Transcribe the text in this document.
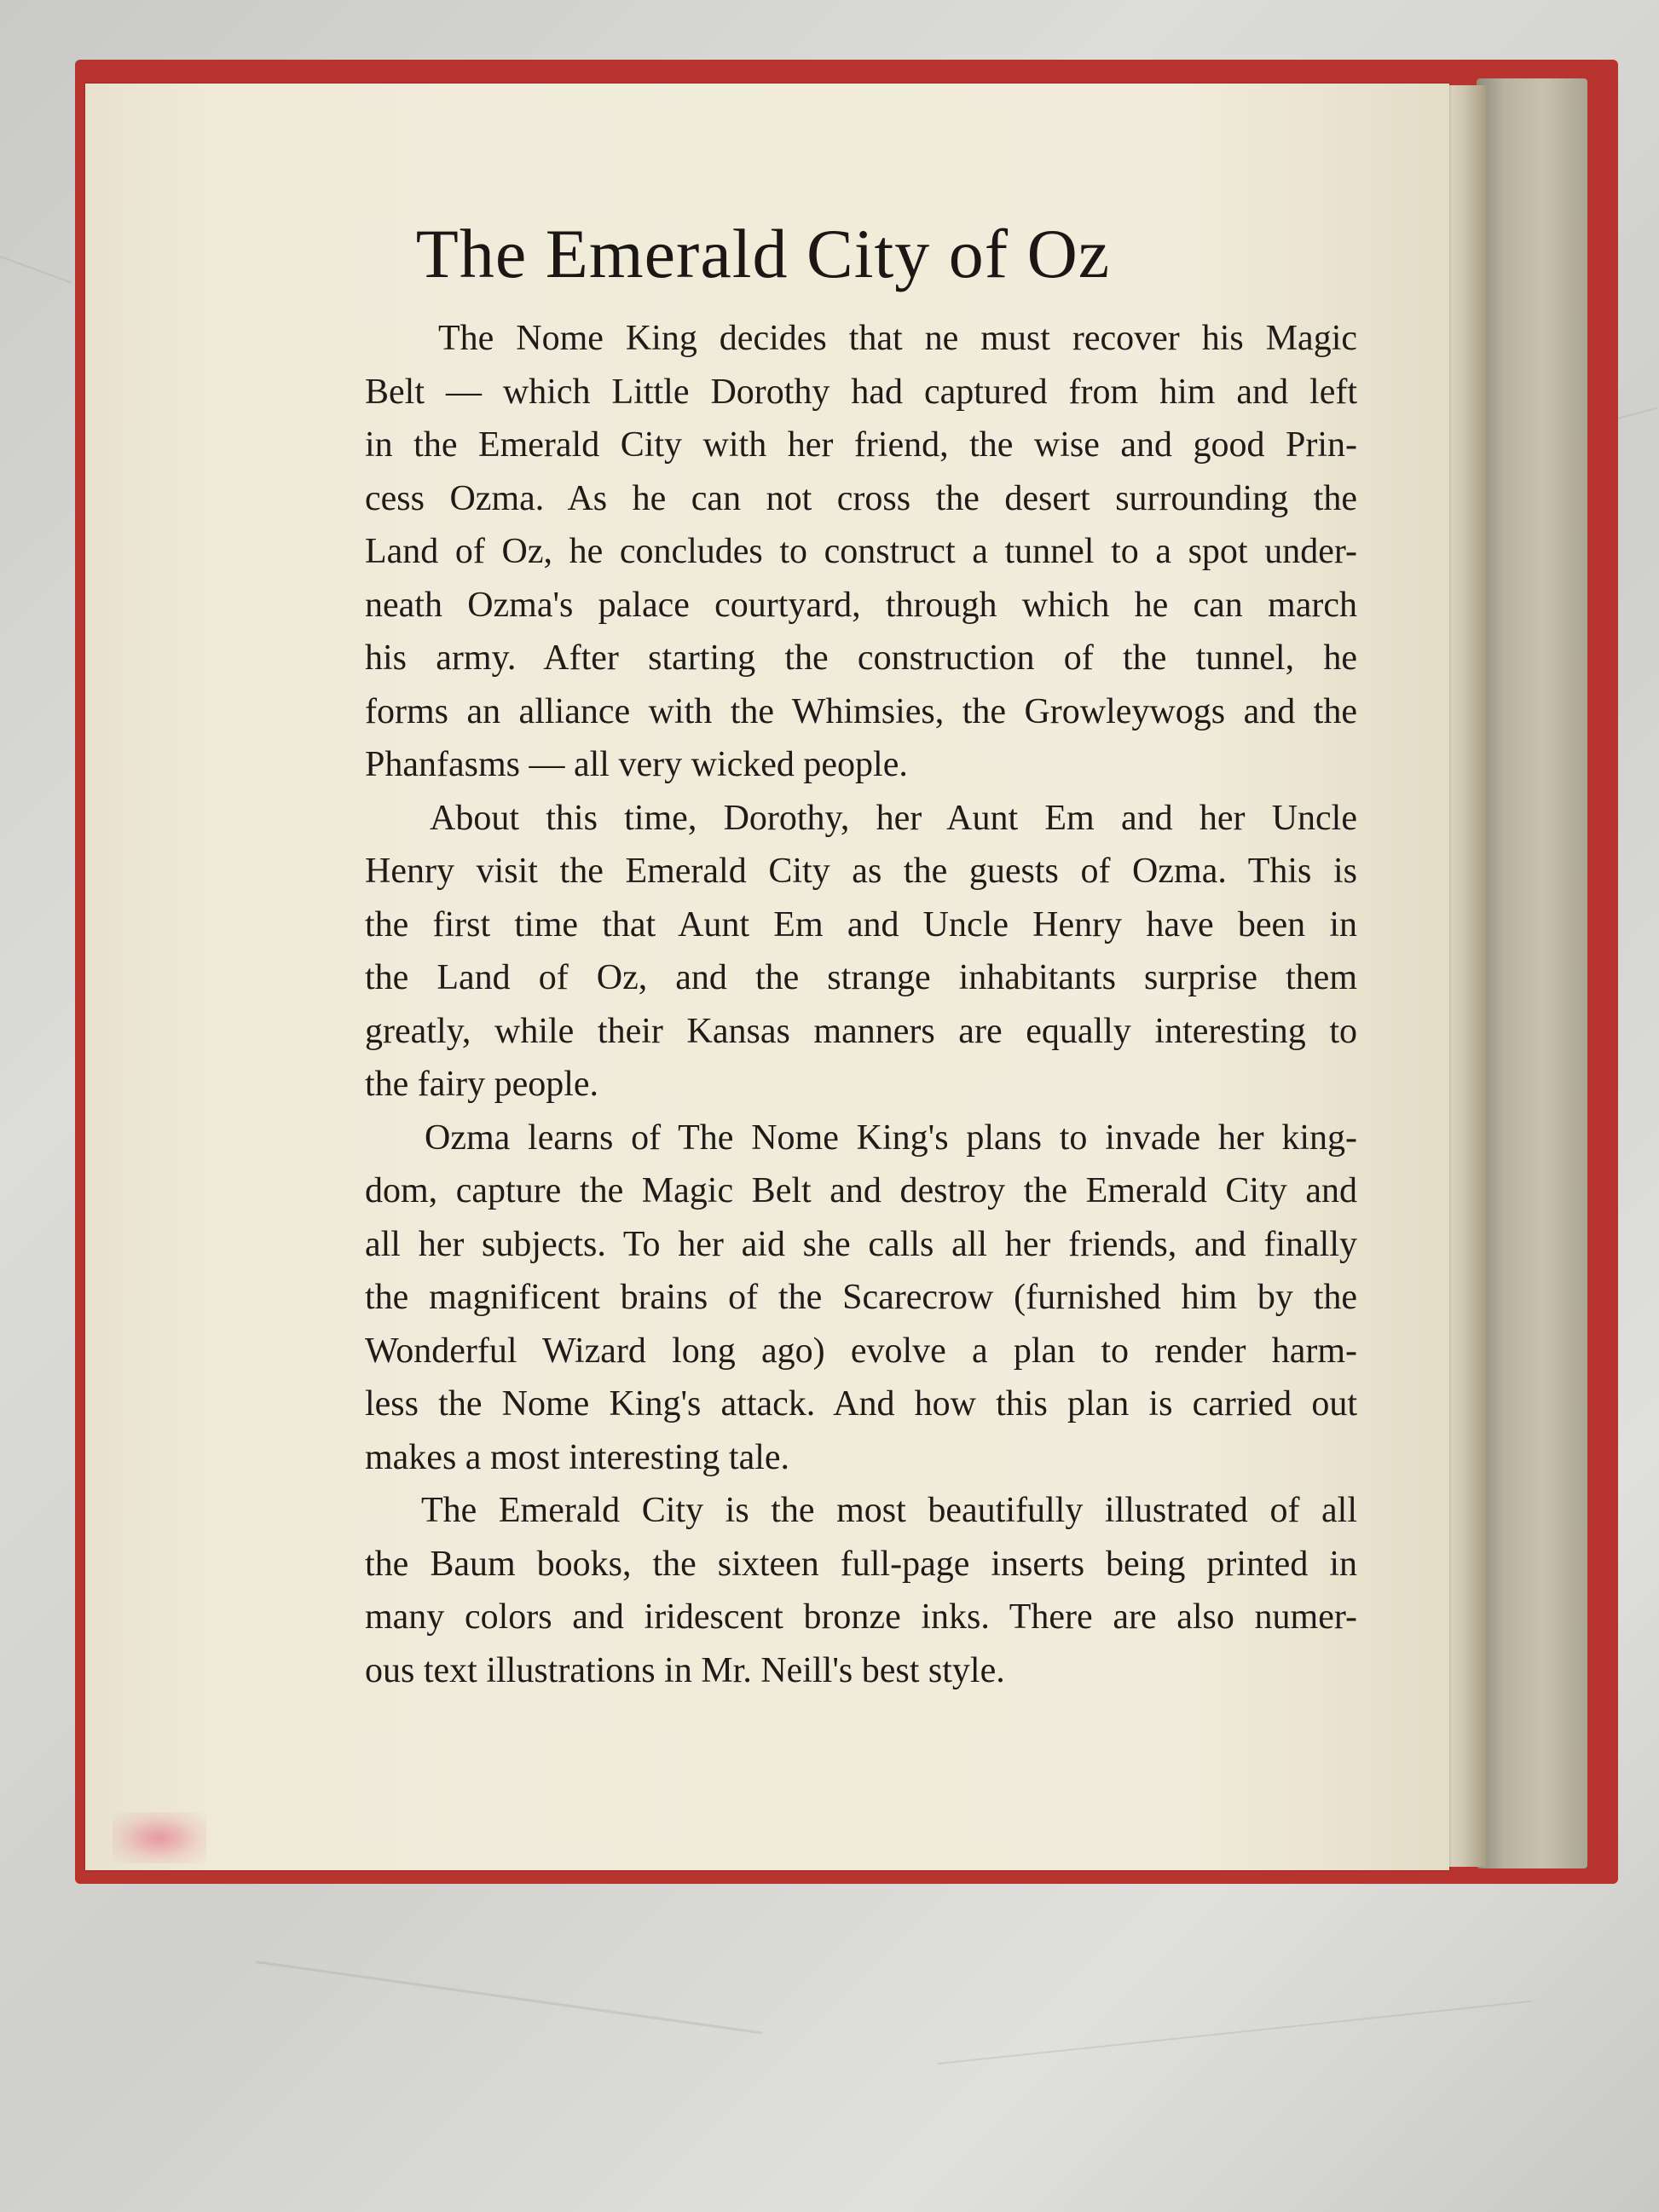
The Emerald City of Oz

The Nome King decides that ne must recover his Magic
Belt — which Little Dorothy had captured from him and left
in the Emerald City with her friend, the wise and good Prin-
cess Ozma. As he can not cross the desert surrounding the
Land of Oz, he concludes to construct a tunnel to a spot under-
neath Ozma's palace courtyard, through which he can march
his army. After starting the construction of the tunnel, he
forms an alliance with the Whimsies, the Growleywogs and the
Phanfasms — all very wicked people.

About this time, Dorothy, her Aunt Em and her Uncle
Henry visit the Emerald City as the guests of Ozma. This is
the first time that Aunt Em and Uncle Henry have been in
the Land of Oz, and the strange inhabitants surprise them
greatly, while their Kansas manners are equally interesting to
the fairy people.

Ozma learns of The Nome King's plans to invade her king-
dom, capture the Magic Belt and destroy the Emerald City and
all her subjects. To her aid she calls all her friends, and finally
the magnificent brains of the Scarecrow (furnished him by the
Wonderful Wizard long ago) evolve a plan to render harm-
less the Nome King's attack. And how this plan is carried out
makes a most interesting tale.

The Emerald City is the most beautifully illustrated of all
the Baum books, the sixteen full-page inserts being printed in
many colors and iridescent bronze inks. There are also numer-
ous text illustrations in Mr. Neill's best style.
